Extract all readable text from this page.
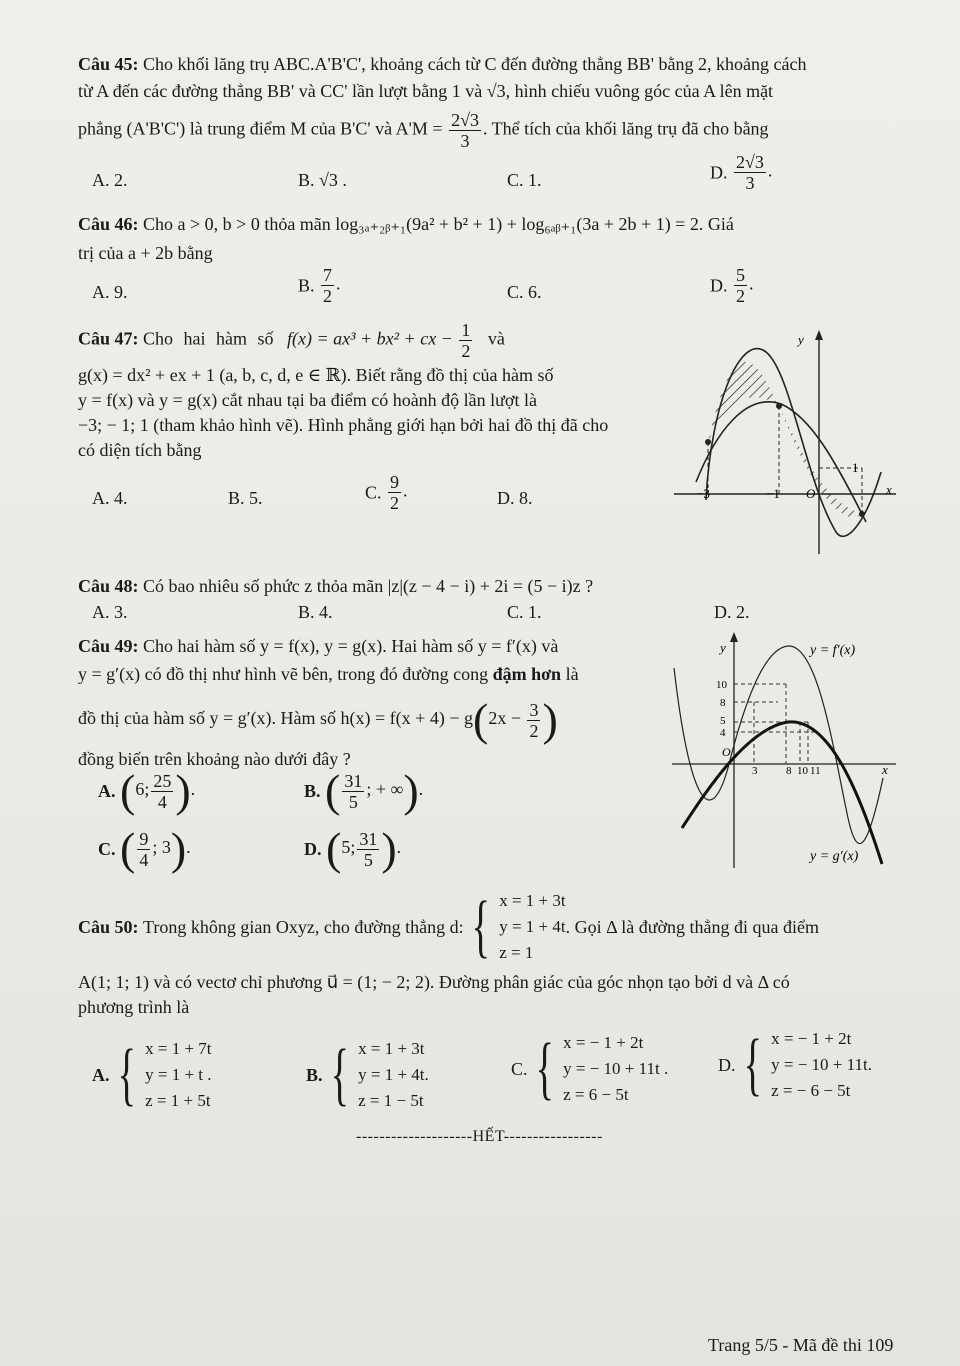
Câu 45: Cho khối lăng trụ ABC.A'B'C', khoảng cách từ C đến đường thẳng BB' bằng 2, khoảng cách
từ A đến các đường thẳng BB' và CC' lần lượt bằng 1 và √3, hình chiếu vuông góc của A lên mặt
phẳng (A'B'C') là trung điểm M của B'C' và $A'M = \frac{2√3}{3}$ . Thể tích của khối lăng trụ đã cho bằng
A. 2.	B. √3 .	C. 1.	D. $\frac{2√3}{3}$ .
Câu 46: Cho a > 0, b > 0 thỏa mãn log₃ₐ₊₂ᵦ₊₁(9a² + b² + 1) + log₆ₐᵦ₊₁(3a + 2b + 1) = 2. Giá
trị của a + 2b bằng
A. 9.	B. $\frac{7}{2}$ .	C. 6.	D. $\frac{5}{2}$ .
Câu 47: Cho hai hàm số f(x) = ax³ + bx² + cx − $\frac{1}{2}$ và
g(x) = dx² + ex + 1 (a, b, c, d, e ∈ ℝ). Biết rằng đồ thị của hàm số
y = f(x) và y = g(x) cắt nhau tại ba điểm có hoành độ lần lượt là
−3; − 1; 1 (tham khảo hình vẽ). Hình phẳng giới hạn bởi hai đồ thị đã cho
có diện tích bằng
A. 4.	B. 5.	C. $\frac{9}{2}$ .	D. 8.
y
x
1
−3	−1 O
Câu 48: Có bao nhiêu số phức z thỏa mãn |z|(z − 4 − i) + 2i = (5 − i)z ?
A. 3.	B. 4.	C. 1.	D. 2.
Câu 49: Cho hai hàm số y = f(x), y = g(x). Hai hàm số y = f′(x) và
y = g′(x) có đồ thị như hình vẽ bên, trong đó đường cong đậm hơn là
đồ thị của hàm số y = g′(x). Hàm số $h(x) = f(x + 4) - g(2x - \frac{3}{2}$ )
đồng biến trên khoảng nào dưới đây ?
A. (6; $\frac{25}{4}$ ).	B. ( $\frac{31}{5}$ ; + ∞).
C. ( $\frac{9}{4}$ ; 3).	D. (5; $\frac{31}{5}$ ).
y = f′(x)
y = g′(x)
y
x
O
10
8
5
4
3	8 10 11
Câu 50:
Trong không gian Oxyz, cho đường thẳng d: { x = 1 + 3t
y = 1 + 4t
z = 1
. Gọi Δ là đường thẳng đi qua điểm
A(1; 1; 1) và có vectơ chỉ phương u⃗ = (1; − 2; 2). Đường phân giác của góc nhọn tạo bởi d và Δ có
phương trình là
A. { x = 1 + 7t
y = 1 + t .
z = 1 + 5t
B. { x = 1 + 3t
y = 1 + 4t.
z = 1 − 5t
C. { x = − 1 + 2t
y = − 10 + 11t .
z = 6 − 5t
D. { x = − 1 + 2t
y = − 10 + 11t.
z = − 6 − 5t
--------------------HẾT-----------------
Trang 5/5 - Mã đề thi 109
